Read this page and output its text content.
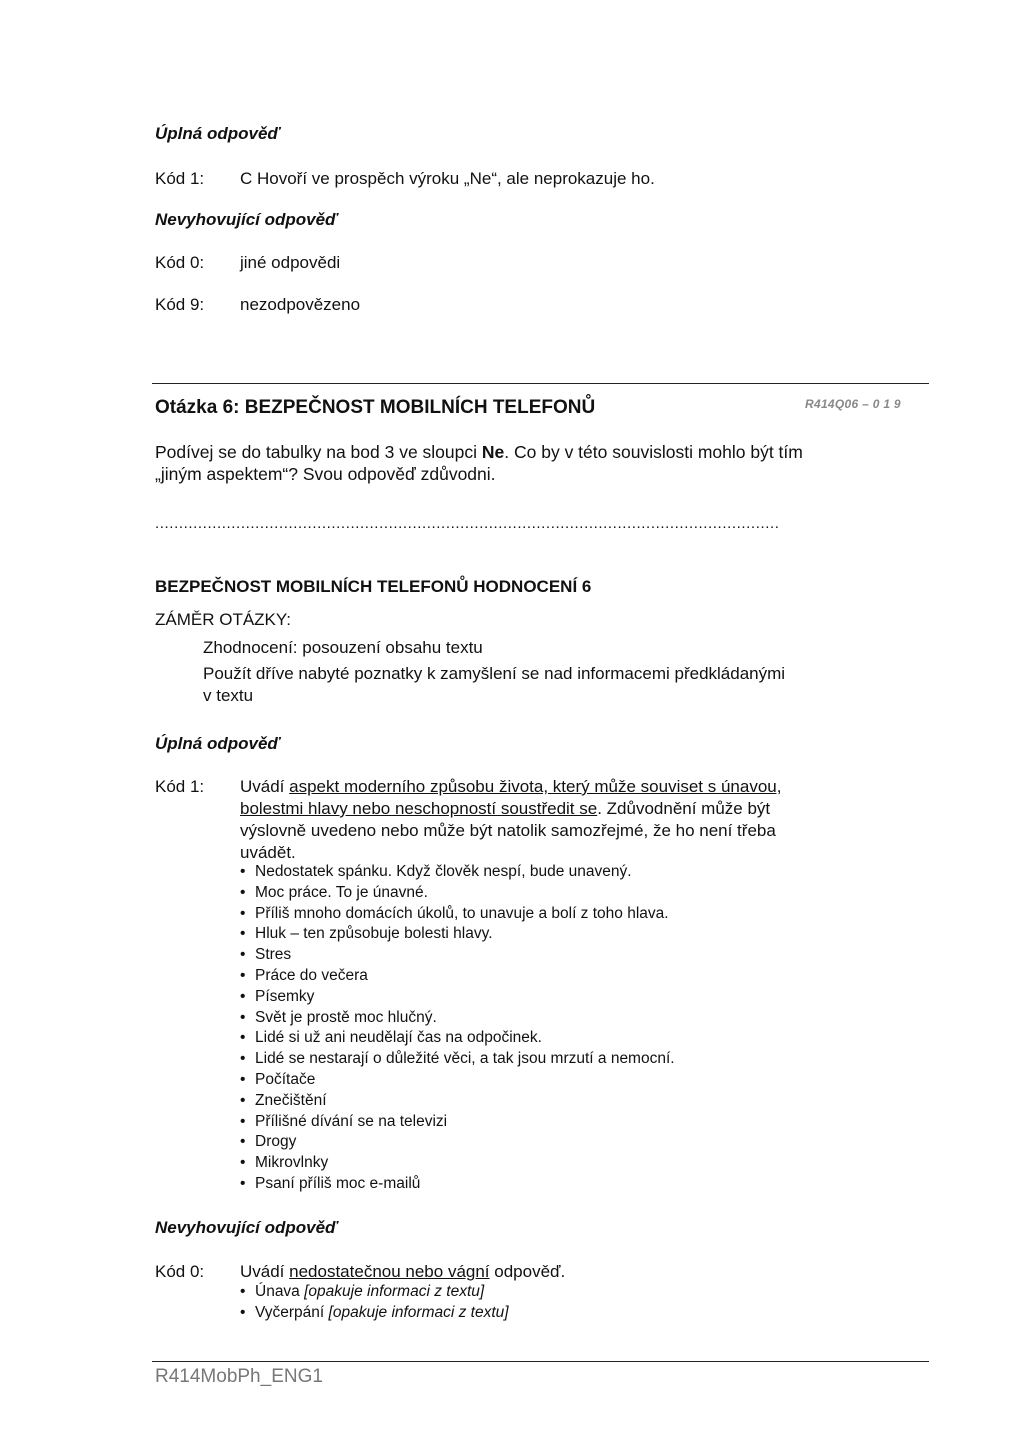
Úplná odpověď
Kód 1: C Hovoří ve prospěch výroku „Ne“, ale neprokazuje ho.
Nevyhovující odpověď
Kód 0: jiné odpovědi
Kód 9: nezodpovězeno
Otázka 6: BEZPEČNOST MOBILNÍCH TELEFONŮ	R414Q06 – 0 1 9
Podívej se do tabulky na bod 3 ve sloupci Ne. Co by v této souvislosti mohlo být tím
„jiným aspektem“? Svou odpověď zdůvodni.
...................................................................................................................................
BEZPEČNOST MOBILNÍCH TELEFONŮ HODNOCENÍ 6
ZÁMĚR OTÁZKY:
Zhodnocení: posouzení obsahu textu
Použít dříve nabyté poznatky k zamyšlení se nad informacemi předkládanými
v textu
Úplná odpověď
Kód 1: Uvádí aspekt moderního způsobu života, který může souviset s únavou,
bolestmi hlavy nebo neschopností soustředit se. Zdůvodnění může být
výslovně uvedeno nebo může být natolik samozřejmé, že ho není třeba
uvádět.
• Nedostatek spánku. Když člověk nespí, bude unavený.
• Moc práce. To je únavné.
• Příliš mnoho domácích úkolů, to unavuje a bolí z toho hlava.
• Hluk – ten způsobuje bolesti hlavy.
• Stres
• Práce do večera
• Písemky
• Svět je prostě moc hlučný.
• Lidé si už ani neudělají čas na odpočinek.
• Lidé se nestarají o důležité věci, a tak jsou mrzutí a nemocní.
• Počítače
• Znečištění
• Přílišné dívání se na televizi
• Drogy
• Mikrovlnky
• Psaní příliš moc e-mailů
Nevyhovující odpověď
Kód 0: Uvádí nedostatečnou nebo vágní odpověď.
• Únava [opakuje informaci z textu]
• Vyčerpání [opakuje informaci z textu]
R414MobPh_ENG1
